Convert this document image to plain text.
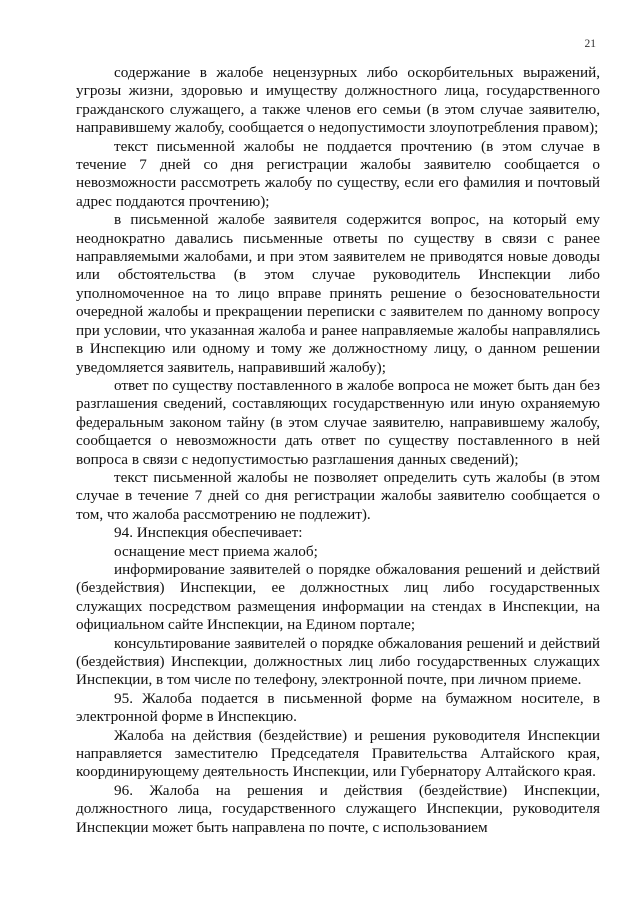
21

содержание в жалобе нецензурных либо оскорбительных выражений, угрозы жизни, здоровью и имуществу должностного лица, государственного гражданского служащего, а также членов его семьи (в этом случае заявителю, направившему жалобу, сообщается о недопустимости злоупотребления правом);

текст письменной жалобы не поддается прочтению (в этом случае в течение 7 дней со дня регистрации жалобы заявителю сообщается о невозможности рассмотреть жалобу по существу, если его фамилия и почтовый адрес поддаются прочтению);

в письменной жалобе заявителя содержится вопрос, на который ему неоднократно давались письменные ответы по существу в связи с ранее направляемыми жалобами, и при этом заявителем не приводятся новые доводы или обстоятельства (в этом случае руководитель Инспекции либо уполномоченное на то лицо вправе принять решение о безосновательности очередной жалобы и прекращении переписки с заявителем по данному вопросу при условии, что указанная жалоба и ранее направляемые жалобы направлялись в Инспекцию или одному и тому же должностному лицу, о данном решении уведомляется заявитель, направивший жалобу);

ответ по существу поставленного в жалобе вопроса не может быть дан без разглашения сведений, составляющих государственную или иную охраняемую федеральным законом тайну (в этом случае заявителю, направившему жалобу, сообщается о невозможности дать ответ по существу поставленного в ней вопроса в связи с недопустимостью разглашения данных сведений);

текст письменной жалобы не позволяет определить суть жалобы (в этом случае в течение 7 дней со дня регистрации жалобы заявителю сообщается о том, что жалоба рассмотрению не подлежит).

94. Инспекция обеспечивает:

оснащение мест приема жалоб;

информирование заявителей о порядке обжалования решений и действий (бездействия) Инспекции, ее должностных лиц либо государственных служащих посредством размещения информации на стендах в Инспекции, на официальном сайте Инспекции, на Едином портале;

консультирование заявителей о порядке обжалования решений и действий (бездействия) Инспекции, должностных лиц либо государственных служащих Инспекции, в том числе по телефону, электронной почте, при личном приеме.

95. Жалоба подается в письменной форме на бумажном носителе, в электронной форме в Инспекцию.

Жалоба на действия (бездействие) и решения руководителя Инспекции направляется заместителю Председателя Правительства Алтайского края, координирующему деятельность Инспекции, или Губернатору Алтайского края.

96. Жалоба на решения и действия (бездействие) Инспекции, должностного лица, государственного служащего Инспекции, руководителя Инспекции может быть направлена по почте, с использованием
